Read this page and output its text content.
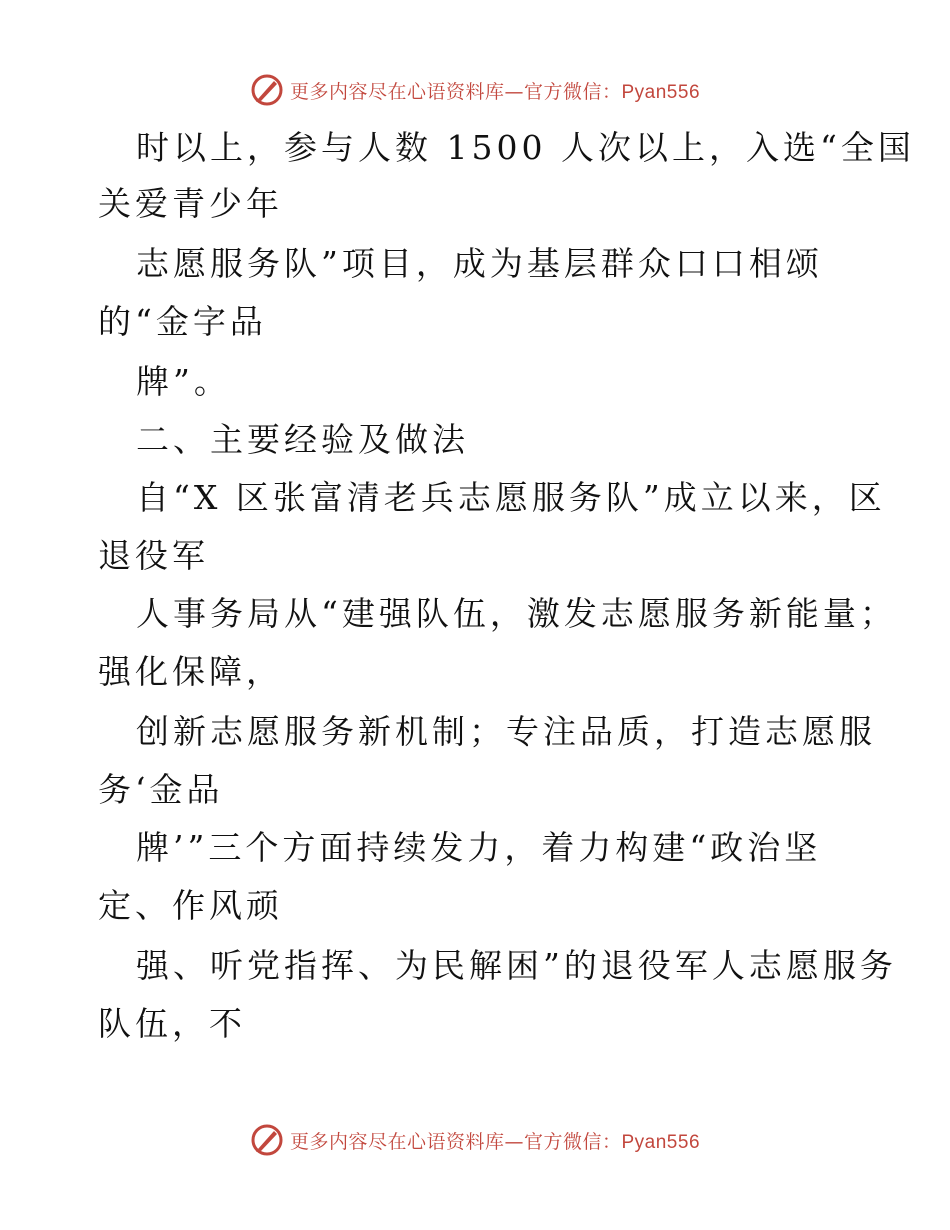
更多内容尽在心语资料库—官方微信：Pyan556
时以上，参与人数 1500 人次以上，入选“全国
关爱青少年
志愿服务队”项目，成为基层群众口口相颂
的“金字品
牌”。
二、主要经验及做法
自“X 区张富清老兵志愿服务队”成立以来，区
退役军
人事务局从“建强队伍，激发志愿服务新能量；
强化保障，
创新志愿服务新机制；专注品质，打造志愿服
务‘金品
牌’”三个方面持续发力，着力构建“政治坚
定、作风顽
强、听党指挥、为民解困”的退役军人志愿服务
队伍，不
更多内容尽在心语资料库—官方微信：Pyan556
